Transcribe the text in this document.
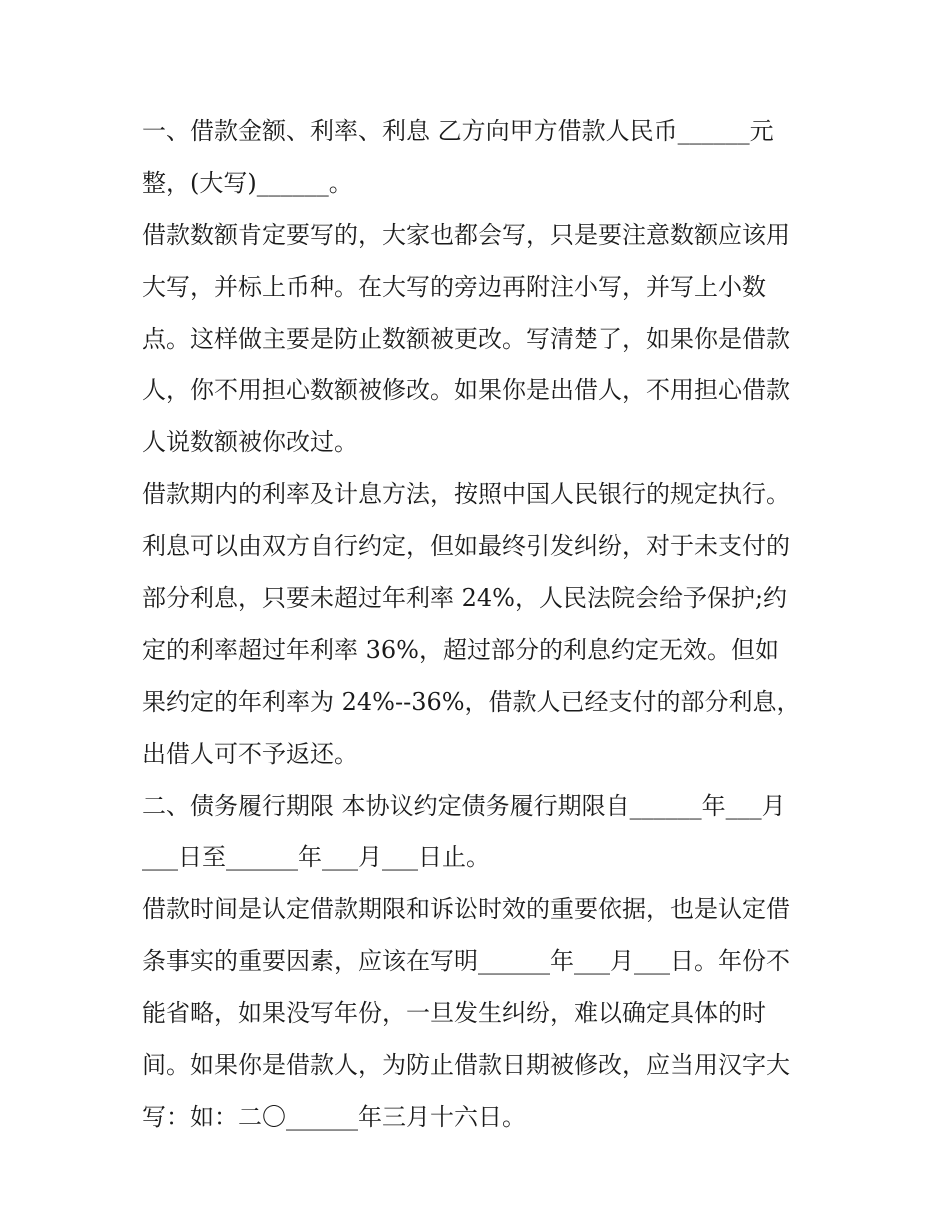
一、借款金额、利率、利息 乙方向甲方借款人民币______元
整，(大写)______。
借款数额肯定要写的，大家也都会写，只是要注意数额应该用
大写，并标上币种。在大写的旁边再附注小写，并写上小数
点。这样做主要是防止数额被更改。写清楚了，如果你是借款
人，你不用担心数额被修改。如果你是出借人，不用担心借款
人说数额被你改过。
借款期内的利率及计息方法，按照中国人民银行的规定执行。
利息可以由双方自行约定，但如最终引发纠纷，对于未支付的
部分利息，只要未超过年利率 24%，人民法院会给予保护;约
定的利率超过年利率 36%，超过部分的利息约定无效。但如
果约定的年利率为 24%--36%，借款人已经支付的部分利息，
出借人可不予返还。
二、债务履行期限 本协议约定债务履行期限自______年___月
___日至______年___月___日止。
借款时间是认定借款期限和诉讼时效的重要依据，也是认定借
条事实的重要因素，应该在写明______年___月___日。年份不
能省略，如果没写年份，一旦发生纠纷，难以确定具体的时
间。如果你是借款人，为防止借款日期被修改，应当用汉字大
写：如：二〇______年三月十六日。
